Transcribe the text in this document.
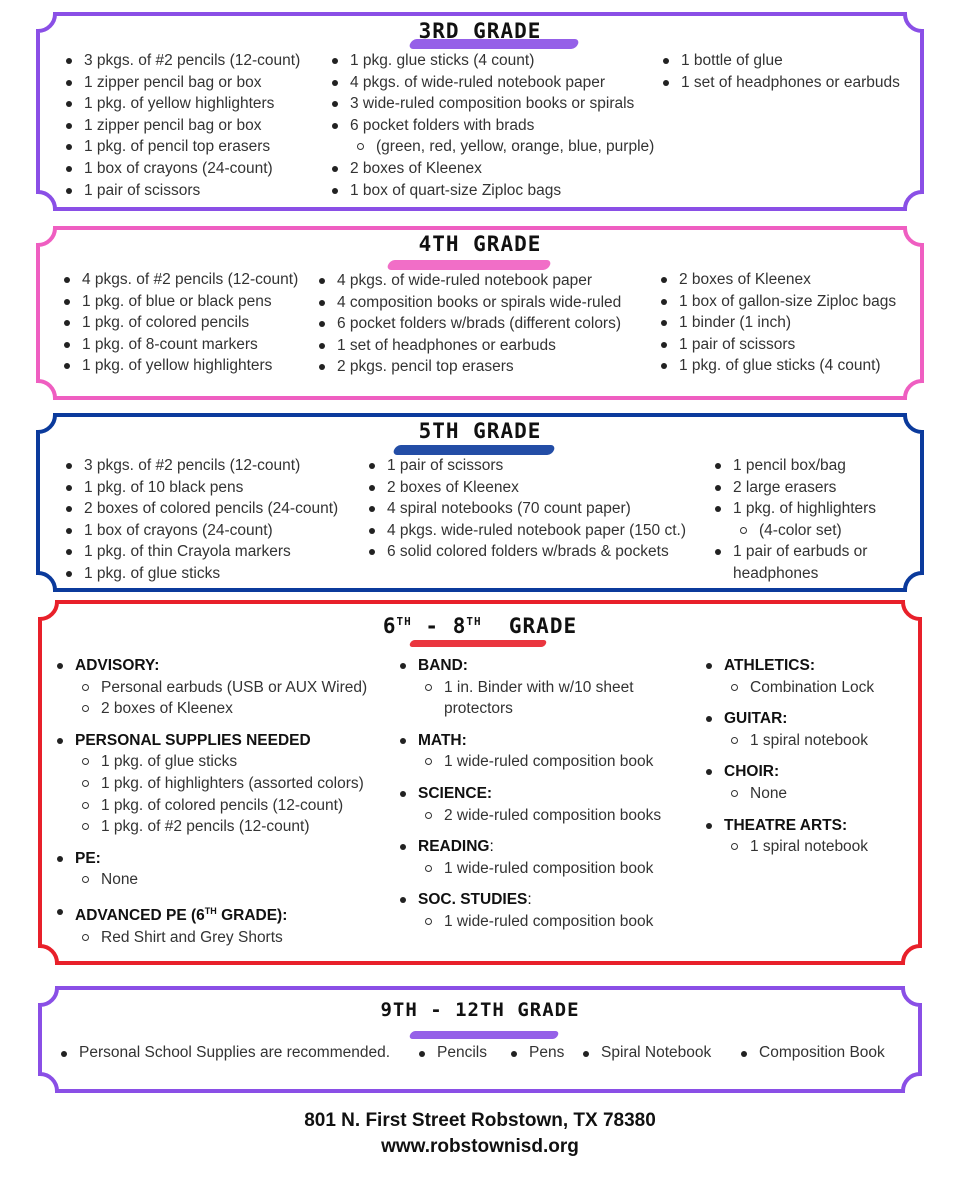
3RD GRADE
3 pkgs. of #2 pencils (12-count)
1 zipper pencil bag or box
1 pkg. of yellow highlighters
1 zipper pencil bag or box
1 pkg. of pencil top erasers
1 box of crayons (24-count)
1 pair of scissors
1 pkg. glue sticks (4 count)
4 pkgs. of wide-ruled notebook paper
3 wide-ruled composition books or spirals
6 pocket folders with brads
(green, red, yellow, orange, blue, purple)
2 boxes of Kleenex
1 box of quart-size Ziploc bags
1 bottle of glue
1 set of headphones or earbuds
4TH GRADE
4 pkgs. of #2 pencils (12-count)
1 pkg. of blue or black pens
1 pkg. of colored pencils
1 pkg. of 8-count markers
1 pkg. of yellow highlighters
4 pkgs. of wide-ruled notebook paper
4 composition books or spirals wide-ruled
6 pocket folders w/brads (different colors)
1 set of headphones or earbuds
2 pkgs. pencil top erasers
2 boxes of Kleenex
1 box of gallon-size Ziploc bags
1 binder (1 inch)
1 pair of scissors
1 pkg. of glue sticks (4 count)
5TH GRADE
3 pkgs. of #2 pencils (12-count)
1 pkg. of 10 black pens
2 boxes of colored pencils (24-count)
1 box of crayons (24-count)
1 pkg. of thin Crayola markers
1 pkg. of glue sticks
1 pair of scissors
2 boxes of Kleenex
4 spiral notebooks (70 count paper)
4 pkgs. wide-ruled notebook paper (150 ct.)
6 solid colored folders w/brads & pockets
1 pencil box/bag
2 large erasers
1 pkg. of highlighters
(4-color set)
1 pair of earbuds or
headphones
6TH - 8TH  GRADE
ADVISORY:
Personal earbuds (USB or AUX Wired)
2 boxes of Kleenex
PERSONAL SUPPLIES NEEDED
1 pkg. of glue sticks
1 pkg. of highlighters (assorted colors)
1 pkg. of colored pencils (12-count)
1 pkg. of #2 pencils (12-count)
PE:
None
ADVANCED PE (6TH GRADE):
Red Shirt and Grey Shorts
BAND:
1 in. Binder with w/10 sheet
protectors
MATH:
1 wide-ruled composition book
SCIENCE:
2 wide-ruled composition books
READING:
1 wide-ruled composition book
SOC. STUDIES:
1 wide-ruled composition book
ATHLETICS:
Combination Lock
GUITAR:
1 spiral notebook
CHOIR:
None
THEATRE ARTS:
1 spiral notebook
9TH - 12TH GRADE
Personal School Supplies are recommended.	Pencils	Pens	Spiral Notebook	Composition Book
801 N. First Street Robstown, TX 78380
www.robstownisd.org
